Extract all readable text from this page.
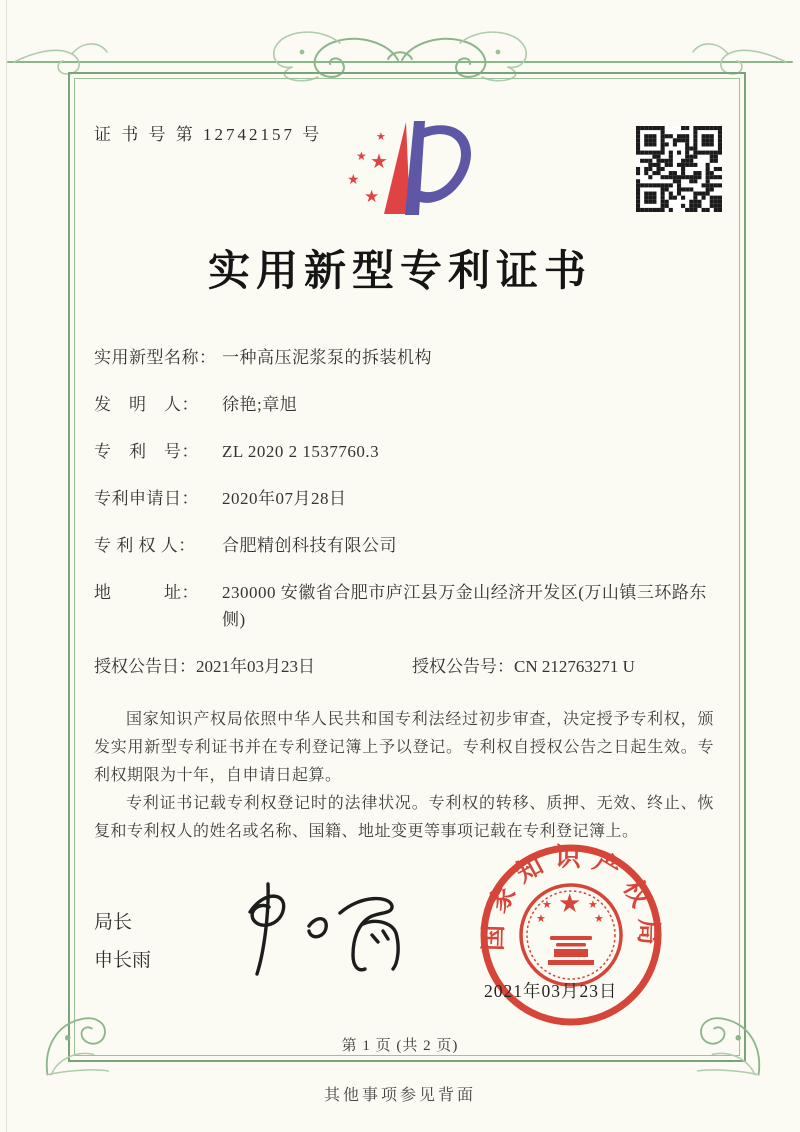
证 书 号 第 12742157 号
★
★
★
★
★
实用新型专利证书
实用新型名称： 一种高压泥浆泵的拆装机构
发　明　人：	徐艳;章旭
专　利　号：	ZL 2020 2 1537760.3
专利申请日：	2020年07月28日
专 利 权 人：	合肥精创科技有限公司
地　　　址：	230000 安徽省合肥市庐江县万金山经济开发区(万山镇三环路东侧)
授权公告日： 2021年03月23日	授权公告号： CN 212763271 U

国家知识产权局依照中华人民共和国专利法经过初步审查，决定授予专利权，颁发实用新型专利证书并在专利登记簿上予以登记。专利权自授权公告之日起生效。专利权期限为十年，自申请日起算。

专利证书记载专利权登记时的法律状况。专利权的转移、质押、无效、终止、恢复和专利权人的姓名或名称、国籍、地址变更等事项记载在专利登记簿上。

局长
申长雨
★
★	★
★	★
国家知识产权局
2021年03月23日
第 1 页 (共 2 页)
其他事项参见背面
